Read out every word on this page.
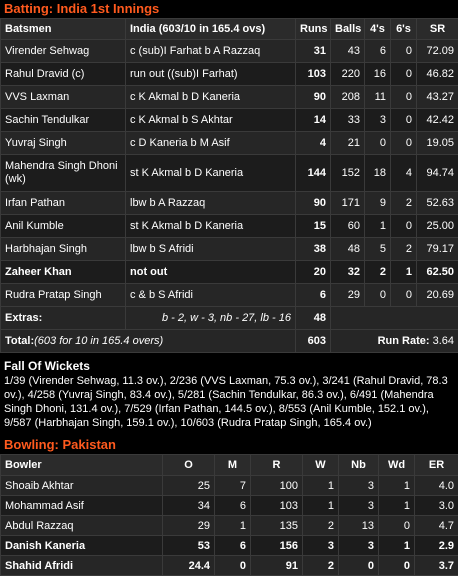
Batting: India 1st Innings
Batsmen	India (603/10 in 165.4 ovs)	Runs	Balls	4's	6's	SR
Virender Sehwag	c (sub)I Farhat b A Razzaq	31	43	6	0	72.09
Rahul Dravid (c)	run out ((sub)I Farhat)	103	220	16	0	46.82
VVS Laxman	c K Akmal b D Kaneria	90	208	11	0	43.27
Sachin Tendulkar	c K Akmal b S Akhtar	14	33	3	0	42.42
Yuvraj Singh	c D Kaneria b M Asif	4	21	0	0	19.05
Mahendra Singh Dhoni (wk)	st K Akmal b D Kaneria	144	152	18	4	94.74
Irfan Pathan	lbw b A Razzaq	90	171	9	2	52.63
Anil Kumble	st K Akmal b D Kaneria	15	60	1	0	25.00
Harbhajan Singh	lbw b S Afridi	38	48	5	2	79.17
Zaheer Khan	not out	20	32	2	1	62.50
Rudra Pratap Singh	c & b S Afridi	6	29	0	0	20.69
Extras:	b - 2, w - 3, nb - 27, lb - 16	48				
Total:(603 for 10 in 165.4 overs)		603	Run Rate: 3.64			
Fall Of Wickets
1/39 (Virender Sehwag, 11.3 ov.), 2/236 (VVS Laxman, 75.3 ov.), 3/241 (Rahul Dravid, 78.3 ov.), 4/258 (Yuvraj Singh, 83.4 ov.), 5/281 (Sachin Tendulkar, 86.3 ov.), 6/491 (Mahendra Singh Dhoni, 131.4 ov.), 7/529 (Irfan Pathan, 144.5 ov.), 8/553 (Anil Kumble, 152.1 ov.), 9/587 (Harbhajan Singh, 159.1 ov.), 10/603 (Rudra Pratap Singh, 165.4 ov.)
Bowling: Pakistan
Bowler	O	M	R	W	Nb	Wd	ER
Shoaib Akhtar	25	7	100	1	3	1	4.0
Mohammad Asif	34	6	103	1	3	1	3.0
Abdul Razzaq	29	1	135	2	13	0	4.7
Danish Kaneria	53	6	156	3	3	1	2.9
Shahid Afridi	24.4	0	91	2	0	0	3.7
